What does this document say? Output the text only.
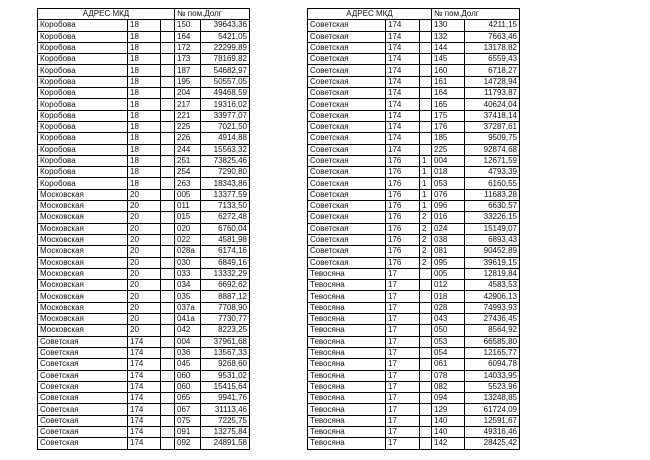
АДРЕС МКД			№ пом.Долг	
Коробова	18		150	39643,36
Коробова	18		164	5421,05
Коробова	18		172	22299,89
Коробова	18		173	78169,82
Коробова	18		187	54682,97
Коробова	18		195	50557,05
Коробова	18		204	49468,59
Коробова	18		217	19316,02
Коробова	18		221	33977,07
Коробова	18		225	7021,50
Коробова	18		226	4914,88
Коробова	18		244	15563,32
Коробова	18		251	73825,46
Коробова	18		254	7290,80
Коробова	18		263	18343,86
Московская	20		005	13377,59
Московская	20		011	7133,50
Московская	20		015	6272,48
Московская	20		020	6760,04
Московская	20		022	4581,98
Московская	20		028а	6174,16
Московская	20		030	6849,16
Московская	20		033	13332,29
Московская	20		034	6692,62
Московская	20		035	8887,12
Московская	20		037а	7708,90
Московская	20		041а	7730,77
Московская	20		042	8223,25
Советская	174		004	37961,68
Советская	174		036	13567,33
Советская	174		045	9268,60
Советская	174		060	9531,02
Советская	174		060	15415,64
Советская	174		065	9941,76
Советская	174		067	31113,46
Советская	174		075	7225,75
Советская	174		091	13275,84
Советская	174		092	24891,58
АДРЕС МКД			№ пом.Долг	
Советская	174		130	4211,15
Советская	174		132	7663,46
Советская	174		144	13178,82
Советская	174		145	6559,43
Советская	174		160	6718,27
Советская	174		161	14728,94
Советская	174		164	11793,87
Советская	174		165	40624,04
Советская	174		175	37418,14
Советская	174		176	37287,61
Советская	174		185	9509,75
Советская	174		225	92874,68
Советская	176	1	004	12671,59
Советская	176	1	018	4793,39
Советская	176	1	053	6160,55
Советская	176	1	076	11683,28
Советская	176	1	096	6630,57
Советская	176	2	016	33226,15
Советская	176	2	024	15149,07
Советская	176	2	038	6893,43
Советская	176	2	081	90452,89
Советская	176	2	095	39619,15
Тевосяна	17		005	12819,84
Тевосяна	17		012	4583,53
Тевосяна	17		018	42906,13
Тевосяна	17		028	74993,93
Тевосяна	17		043	27436,45
Тевосяна	17		050	8564,92
Тевосяна	17		053	66585,80
Тевосяна	17		054	12165,77
Тевосяна	17		061	6094,78
Тевосяна	17		078	14033,95
Тевосяна	17		082	5523,96
Тевосяна	17		094	13248,85
Тевосяна	17		129	61724,09
Тевосяна	17		140	12591,67
Тевосяна	17		140	49316,46
Тевосяна	17		142	28425,42
